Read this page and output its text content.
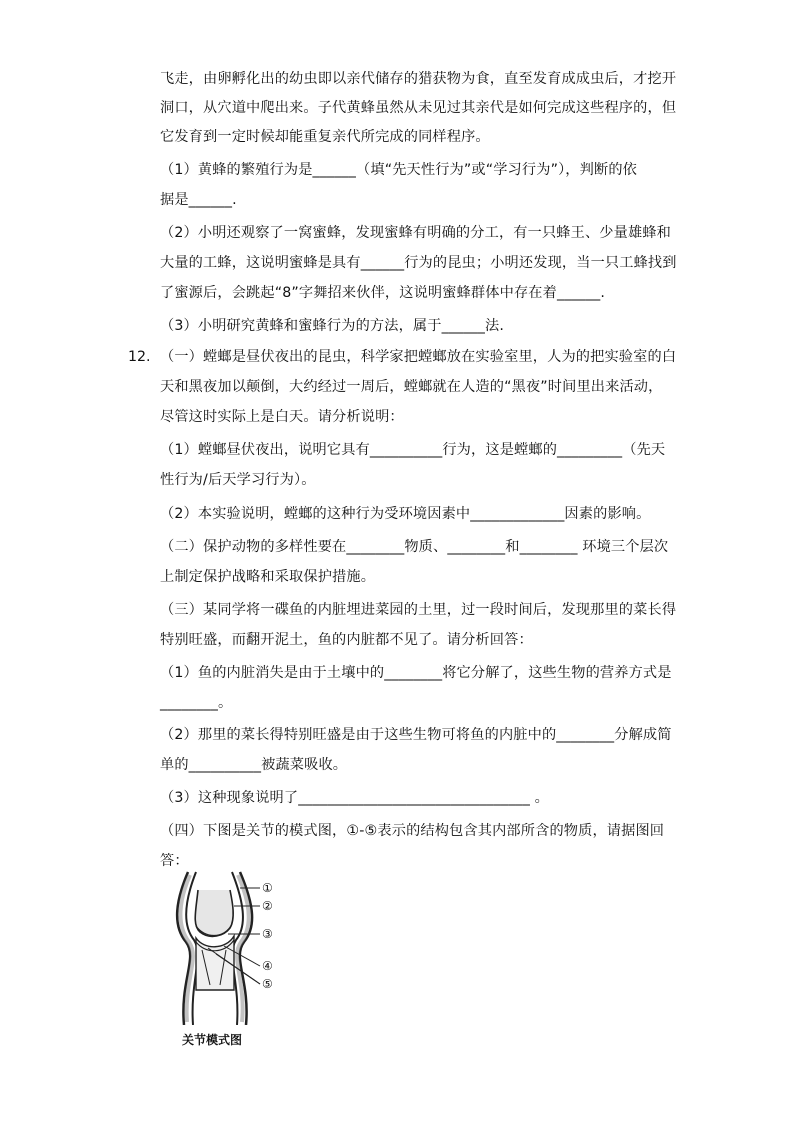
飞走，由卵孵化出的幼虫即以亲代储存的猎获物为食，直至发育成成虫后，才挖开
洞口，从穴道中爬出来。子代黄蜂虽然从未见过其亲代是如何完成这些程序的，但
它发育到一定时候却能重复亲代所完成的同样程序。
（1）黄蜂的繁殖行为是______（填“先天性行为”或“学习行为”），判断的依
据是______.
（2）小明还观察了一窝蜜蜂，发现蜜蜂有明确的分工，有一只蜂王、少量雄蜂和
大量的工蜂，这说明蜜蜂是具有______行为的昆虫；小明还发现，当一只工蜂找到
了蜜源后，会跳起“8”字舞招来伙伴，这说明蜜蜂群体中存在着______.
（3）小明研究黄蜂和蜜蜂行为的方法，属于______法.
12. （一）螳螂是昼伏夜出的昆虫，科学家把螳螂放在实验室里，人为的把实验室的白
天和黑夜加以颠倒，大约经过一周后，螳螂就在人造的“黑夜”时间里出来活动，
尽管这时实际上是白天。请分析说明：
（1）螳螂昼伏夜出，说明它具有__________行为，这是螳螂的_________（先天
性行为/后天学习行为）。
（2）本实验说明，螳螂的这种行为受环境因素中_____________因素的影响。
（二）保护动物的多样性要在________物质、________和________ 环境三个层次
上制定保护战略和采取保护措施。
（三）某同学将一碟鱼的内脏埋进菜园的土里，过一段时间后，发现那里的菜长得
特别旺盛，而翻开泥土，鱼的内脏都不见了。请分析回答：
（1）鱼的内脏消失是由于土壤中的________将它分解了，这些生物的营养方式是
________。
（2）那里的菜长得特别旺盛是由于这些生物可将鱼的内脏中的________分解成简
单的__________被蔬菜吸收。
（3）这种现象说明了________________________________ 。
（四）下图是关节的模式图，①-⑤表示的结构包含其内部所含的物质，请据图回
答：
①
②
③
④
⑤
关节模式图
